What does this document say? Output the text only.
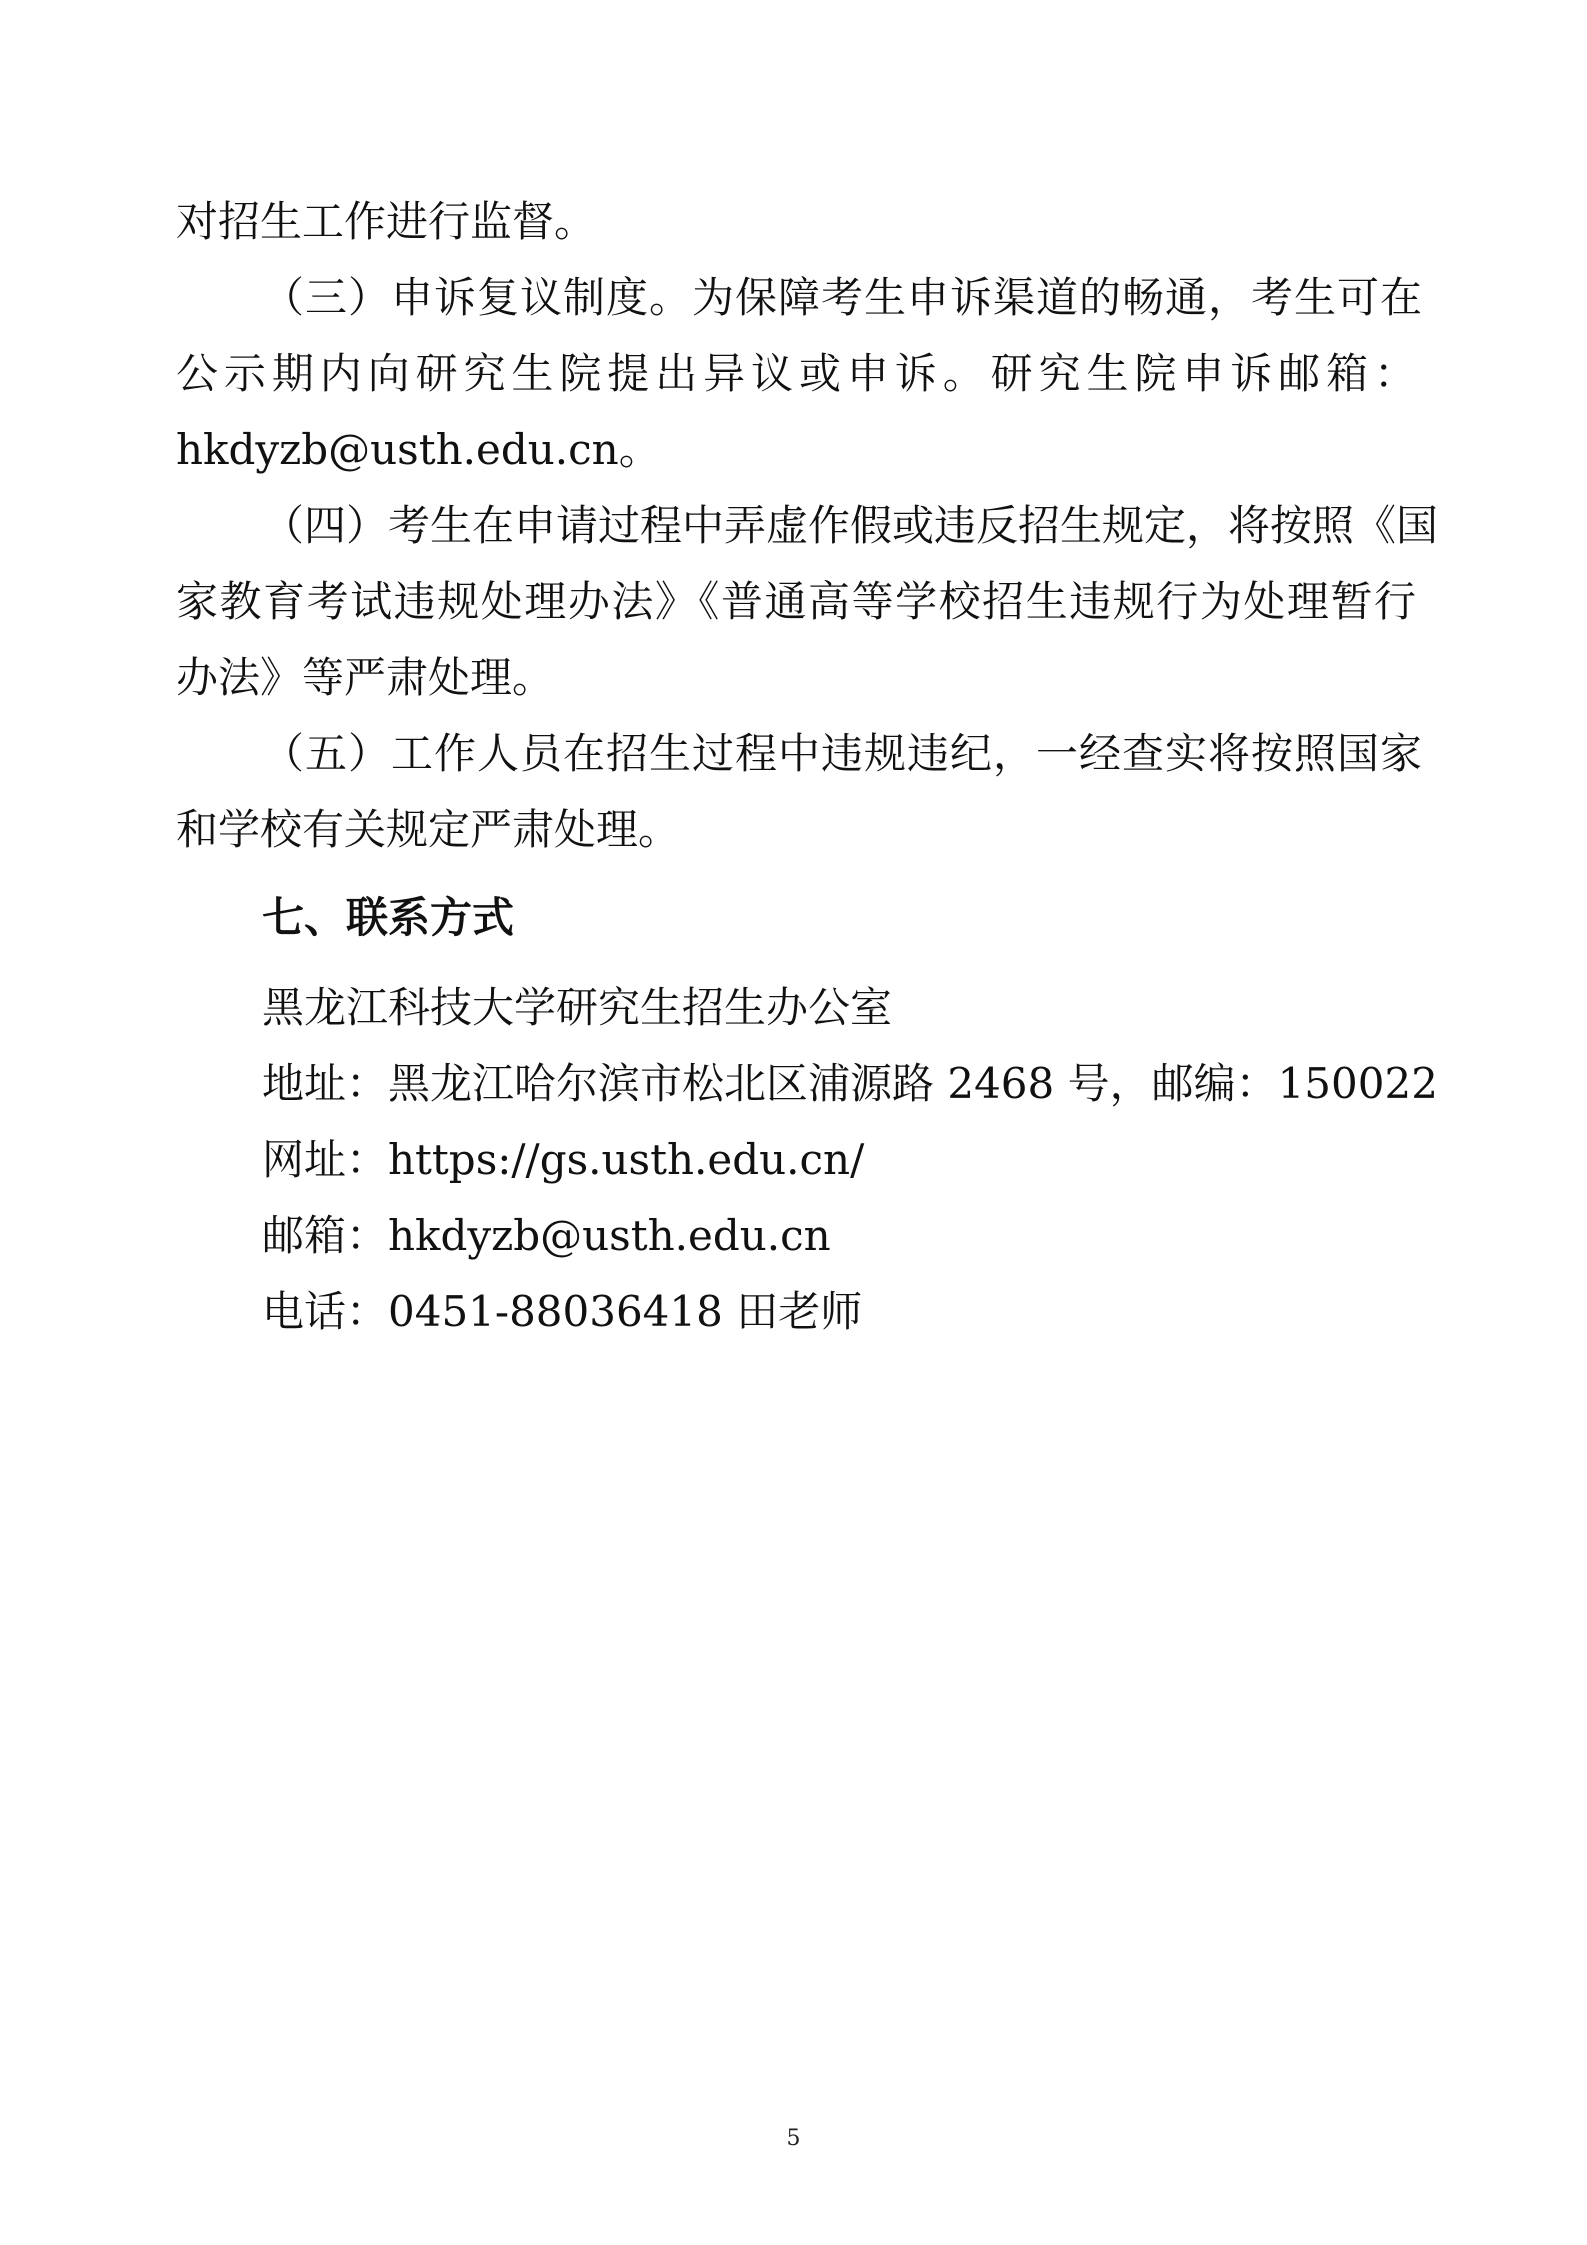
对招生工作进行监督。
（三）申诉复议制度。为保障考生申诉渠道的畅通，考生可在
公示期内向研究生院提出异议或申诉。研究生院申诉邮箱：
hkdyzb@usth.edu.cn。
（四）考生在申请过程中弄虚作假或违反招生规定，将按照《国
家教育考试违规处理办法》《普通高等学校招生违规行为处理暂行
办法》等严肃处理。
（五）工作人员在招生过程中违规违纪，一经查实将按照国家
和学校有关规定严肃处理。
七、联系方式
黑龙江科技大学研究生招生办公室
地址：黑龙江哈尔滨市松北区浦源路 2468 号，邮编：150022
网址：https://gs.usth.edu.cn/
邮箱：hkdyzb@usth.edu.cn
电话：0451-88036418 田老师
5
